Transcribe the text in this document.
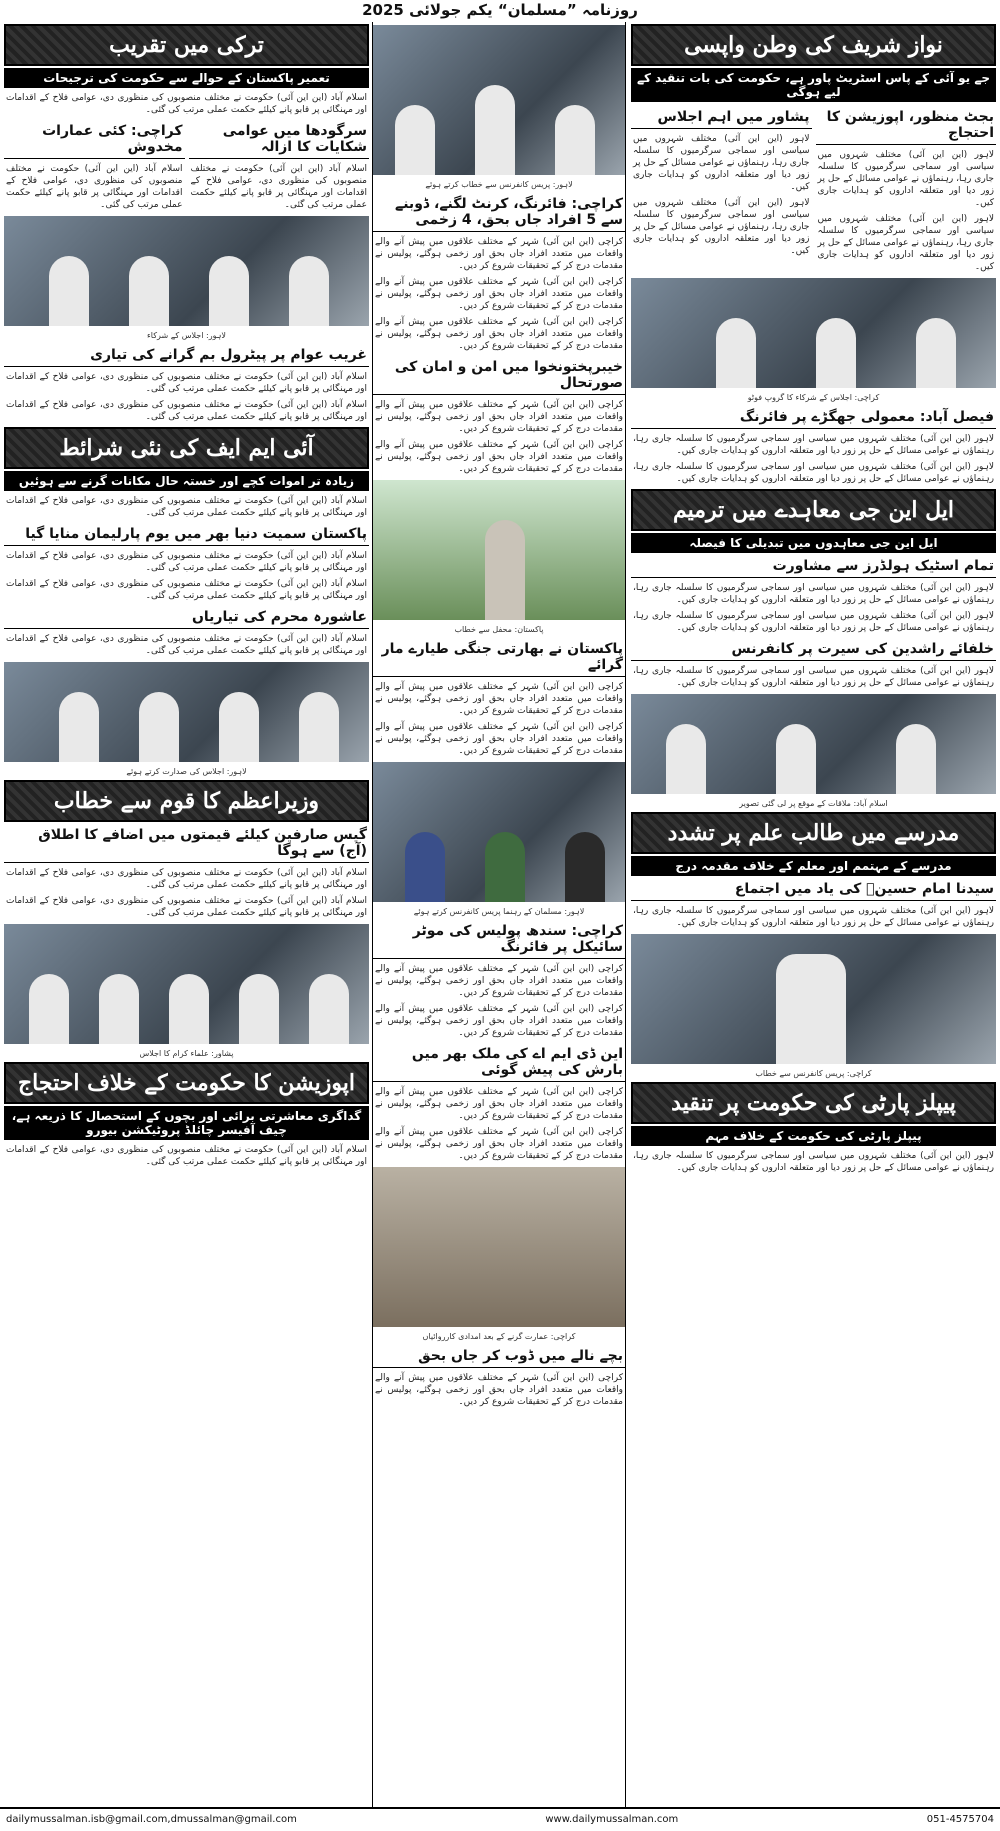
روزنامہ ”مسلمان“ یکم جولائی 2025
نواز شریف کی وطن واپسی
جے یو آئی کے پاس اسٹریٹ پاور ہے، حکومت کی بات تنقید کے لیے ہوگی
بجٹ منظور، اپوزیشن کا احتجاج
لاہور (این این آئی) مختلف شہروں میں سیاسی اور سماجی سرگرمیوں کا سلسلہ جاری رہا، رہنماؤں نے عوامی مسائل کے حل پر زور دیا اور متعلقہ اداروں کو ہدایات جاری کیں۔
لاہور (این این آئی) مختلف شہروں میں سیاسی اور سماجی سرگرمیوں کا سلسلہ جاری رہا، رہنماؤں نے عوامی مسائل کے حل پر زور دیا اور متعلقہ اداروں کو ہدایات جاری کیں۔
پشاور میں اہم اجلاس
لاہور (این این آئی) مختلف شہروں میں سیاسی اور سماجی سرگرمیوں کا سلسلہ جاری رہا، رہنماؤں نے عوامی مسائل کے حل پر زور دیا اور متعلقہ اداروں کو ہدایات جاری کیں۔
لاہور (این این آئی) مختلف شہروں میں سیاسی اور سماجی سرگرمیوں کا سلسلہ جاری رہا، رہنماؤں نے عوامی مسائل کے حل پر زور دیا اور متعلقہ اداروں کو ہدایات جاری کیں۔
کراچی: اجلاس کے شرکاء کا گروپ فوٹو
فیصل آباد: معمولی جھگڑے پر فائرنگ
لاہور (این این آئی) مختلف شہروں میں سیاسی اور سماجی سرگرمیوں کا سلسلہ جاری رہا، رہنماؤں نے عوامی مسائل کے حل پر زور دیا اور متعلقہ اداروں کو ہدایات جاری کیں۔
لاہور (این این آئی) مختلف شہروں میں سیاسی اور سماجی سرگرمیوں کا سلسلہ جاری رہا، رہنماؤں نے عوامی مسائل کے حل پر زور دیا اور متعلقہ اداروں کو ہدایات جاری کیں۔
ایل این جی معاہدے میں ترمیم
ایل این جی معاہدوں میں تبدیلی کا فیصلہ
تمام اسٹیک ہولڈرز سے مشاورت
لاہور (این این آئی) مختلف شہروں میں سیاسی اور سماجی سرگرمیوں کا سلسلہ جاری رہا، رہنماؤں نے عوامی مسائل کے حل پر زور دیا اور متعلقہ اداروں کو ہدایات جاری کیں۔
لاہور (این این آئی) مختلف شہروں میں سیاسی اور سماجی سرگرمیوں کا سلسلہ جاری رہا، رہنماؤں نے عوامی مسائل کے حل پر زور دیا اور متعلقہ اداروں کو ہدایات جاری کیں۔
خلفائے راشدین کی سیرت پر کانفرنس
لاہور (این این آئی) مختلف شہروں میں سیاسی اور سماجی سرگرمیوں کا سلسلہ جاری رہا، رہنماؤں نے عوامی مسائل کے حل پر زور دیا اور متعلقہ اداروں کو ہدایات جاری کیں۔
اسلام آباد: ملاقات کے موقع پر لی گئی تصویر
مدرسے میں طالب علم پر تشدد
مدرسے کے مہتمم اور معلم کے خلاف مقدمہ درج
سیدنا امام حسینؓ کی یاد میں اجتماع
لاہور (این این آئی) مختلف شہروں میں سیاسی اور سماجی سرگرمیوں کا سلسلہ جاری رہا، رہنماؤں نے عوامی مسائل کے حل پر زور دیا اور متعلقہ اداروں کو ہدایات جاری کیں۔
کراچی: پریس کانفرنس سے خطاب
پیپلز پارٹی کی حکومت پر تنقید
پیپلز پارٹی کی حکومت کے خلاف مہم
لاہور (این این آئی) مختلف شہروں میں سیاسی اور سماجی سرگرمیوں کا سلسلہ جاری رہا، رہنماؤں نے عوامی مسائل کے حل پر زور دیا اور متعلقہ اداروں کو ہدایات جاری کیں۔
لاہور: پریس کانفرنس سے خطاب کرتے ہوئے
کراچی: فائرنگ، کرنٹ لگنے، ڈوبنے سے 5 افراد جاں بحق، 4 زخمی
کراچی (این این آئی) شہر کے مختلف علاقوں میں پیش آنے والے واقعات میں متعدد افراد جاں بحق اور زخمی ہوگئے، پولیس نے مقدمات درج کر کے تحقیقات شروع کر دیں۔
کراچی (این این آئی) شہر کے مختلف علاقوں میں پیش آنے والے واقعات میں متعدد افراد جاں بحق اور زخمی ہوگئے، پولیس نے مقدمات درج کر کے تحقیقات شروع کر دیں۔
کراچی (این این آئی) شہر کے مختلف علاقوں میں پیش آنے والے واقعات میں متعدد افراد جاں بحق اور زخمی ہوگئے، پولیس نے مقدمات درج کر کے تحقیقات شروع کر دیں۔
خیبرپختونخوا میں امن و امان کی صورتحال
کراچی (این این آئی) شہر کے مختلف علاقوں میں پیش آنے والے واقعات میں متعدد افراد جاں بحق اور زخمی ہوگئے، پولیس نے مقدمات درج کر کے تحقیقات شروع کر دیں۔
کراچی (این این آئی) شہر کے مختلف علاقوں میں پیش آنے والے واقعات میں متعدد افراد جاں بحق اور زخمی ہوگئے، پولیس نے مقدمات درج کر کے تحقیقات شروع کر دیں۔
پاکستان: محفل سے خطاب
پاکستان نے بھارتی جنگی طیارے مار گرائے
کراچی (این این آئی) شہر کے مختلف علاقوں میں پیش آنے والے واقعات میں متعدد افراد جاں بحق اور زخمی ہوگئے، پولیس نے مقدمات درج کر کے تحقیقات شروع کر دیں۔
کراچی (این این آئی) شہر کے مختلف علاقوں میں پیش آنے والے واقعات میں متعدد افراد جاں بحق اور زخمی ہوگئے، پولیس نے مقدمات درج کر کے تحقیقات شروع کر دیں۔
لاہور: مسلمان کے رہنما پریس کانفرنس کرتے ہوئے
کراچی: سندھ پولیس کی موٹر سائیکل پر فائرنگ
کراچی (این این آئی) شہر کے مختلف علاقوں میں پیش آنے والے واقعات میں متعدد افراد جاں بحق اور زخمی ہوگئے، پولیس نے مقدمات درج کر کے تحقیقات شروع کر دیں۔
کراچی (این این آئی) شہر کے مختلف علاقوں میں پیش آنے والے واقعات میں متعدد افراد جاں بحق اور زخمی ہوگئے، پولیس نے مقدمات درج کر کے تحقیقات شروع کر دیں۔
این ڈی ایم اے کی ملک بھر میں بارش کی پیش گوئی
کراچی (این این آئی) شہر کے مختلف علاقوں میں پیش آنے والے واقعات میں متعدد افراد جاں بحق اور زخمی ہوگئے، پولیس نے مقدمات درج کر کے تحقیقات شروع کر دیں۔
کراچی (این این آئی) شہر کے مختلف علاقوں میں پیش آنے والے واقعات میں متعدد افراد جاں بحق اور زخمی ہوگئے، پولیس نے مقدمات درج کر کے تحقیقات شروع کر دیں۔
کراچی: عمارت گرنے کے بعد امدادی کارروائیاں
بچے نالے میں ڈوب کر جاں بحق
کراچی (این این آئی) شہر کے مختلف علاقوں میں پیش آنے والے واقعات میں متعدد افراد جاں بحق اور زخمی ہوگئے، پولیس نے مقدمات درج کر کے تحقیقات شروع کر دیں۔
ترکی میں تقریب
تعمیر پاکستان کے حوالے سے حکومت کی ترجیحات
اسلام آباد (این این آئی) حکومت نے مختلف منصوبوں کی منظوری دی، عوامی فلاح کے اقدامات اور مہنگائی پر قابو پانے کیلئے حکمت عملی مرتب کی گئی۔
سرگودھا میں عوامی شکایات کا ازالہ
اسلام آباد (این این آئی) حکومت نے مختلف منصوبوں کی منظوری دی، عوامی فلاح کے اقدامات اور مہنگائی پر قابو پانے کیلئے حکمت عملی مرتب کی گئی۔
کراچی: کئی عمارات مخدوش
اسلام آباد (این این آئی) حکومت نے مختلف منصوبوں کی منظوری دی، عوامی فلاح کے اقدامات اور مہنگائی پر قابو پانے کیلئے حکمت عملی مرتب کی گئی۔
لاہور: اجلاس کے شرکاء
غریب عوام پر پیٹرول بم گرانے کی تیاری
اسلام آباد (این این آئی) حکومت نے مختلف منصوبوں کی منظوری دی، عوامی فلاح کے اقدامات اور مہنگائی پر قابو پانے کیلئے حکمت عملی مرتب کی گئی۔
اسلام آباد (این این آئی) حکومت نے مختلف منصوبوں کی منظوری دی، عوامی فلاح کے اقدامات اور مہنگائی پر قابو پانے کیلئے حکمت عملی مرتب کی گئی۔
آئی ایم ایف کی نئی شرائط
زیادہ تر اموات کچے اور خستہ حال مکانات گرنے سے ہوئیں
اسلام آباد (این این آئی) حکومت نے مختلف منصوبوں کی منظوری دی، عوامی فلاح کے اقدامات اور مہنگائی پر قابو پانے کیلئے حکمت عملی مرتب کی گئی۔
پاکستان سمیت دنیا بھر میں یوم پارلیمان منایا گیا
اسلام آباد (این این آئی) حکومت نے مختلف منصوبوں کی منظوری دی، عوامی فلاح کے اقدامات اور مہنگائی پر قابو پانے کیلئے حکمت عملی مرتب کی گئی۔
اسلام آباد (این این آئی) حکومت نے مختلف منصوبوں کی منظوری دی، عوامی فلاح کے اقدامات اور مہنگائی پر قابو پانے کیلئے حکمت عملی مرتب کی گئی۔
عاشورہ محرم کی تیاریاں
اسلام آباد (این این آئی) حکومت نے مختلف منصوبوں کی منظوری دی، عوامی فلاح کے اقدامات اور مہنگائی پر قابو پانے کیلئے حکمت عملی مرتب کی گئی۔
لاہور: اجلاس کی صدارت کرتے ہوئے
وزیراعظم کا قوم سے خطاب
گیس صارفین کیلئے قیمتوں میں اضافے کا اطلاق (آج) سے ہوگا
اسلام آباد (این این آئی) حکومت نے مختلف منصوبوں کی منظوری دی، عوامی فلاح کے اقدامات اور مہنگائی پر قابو پانے کیلئے حکمت عملی مرتب کی گئی۔
اسلام آباد (این این آئی) حکومت نے مختلف منصوبوں کی منظوری دی، عوامی فلاح کے اقدامات اور مہنگائی پر قابو پانے کیلئے حکمت عملی مرتب کی گئی۔
پشاور: علماء کرام کا اجلاس
اپوزیشن کا حکومت کے خلاف احتجاج
گداگری معاشرتی برائی اور بچوں کے استحصال کا ذریعہ ہے، چیف آفیسر چائلڈ پروٹیکشن بیورو
اسلام آباد (این این آئی) حکومت نے مختلف منصوبوں کی منظوری دی، عوامی فلاح کے اقدامات اور مہنگائی پر قابو پانے کیلئے حکمت عملی مرتب کی گئی۔
dailymussalman.isb@gmail.com,dmussalman@gmail.com	www.dailymussalman.com	051-4575704
